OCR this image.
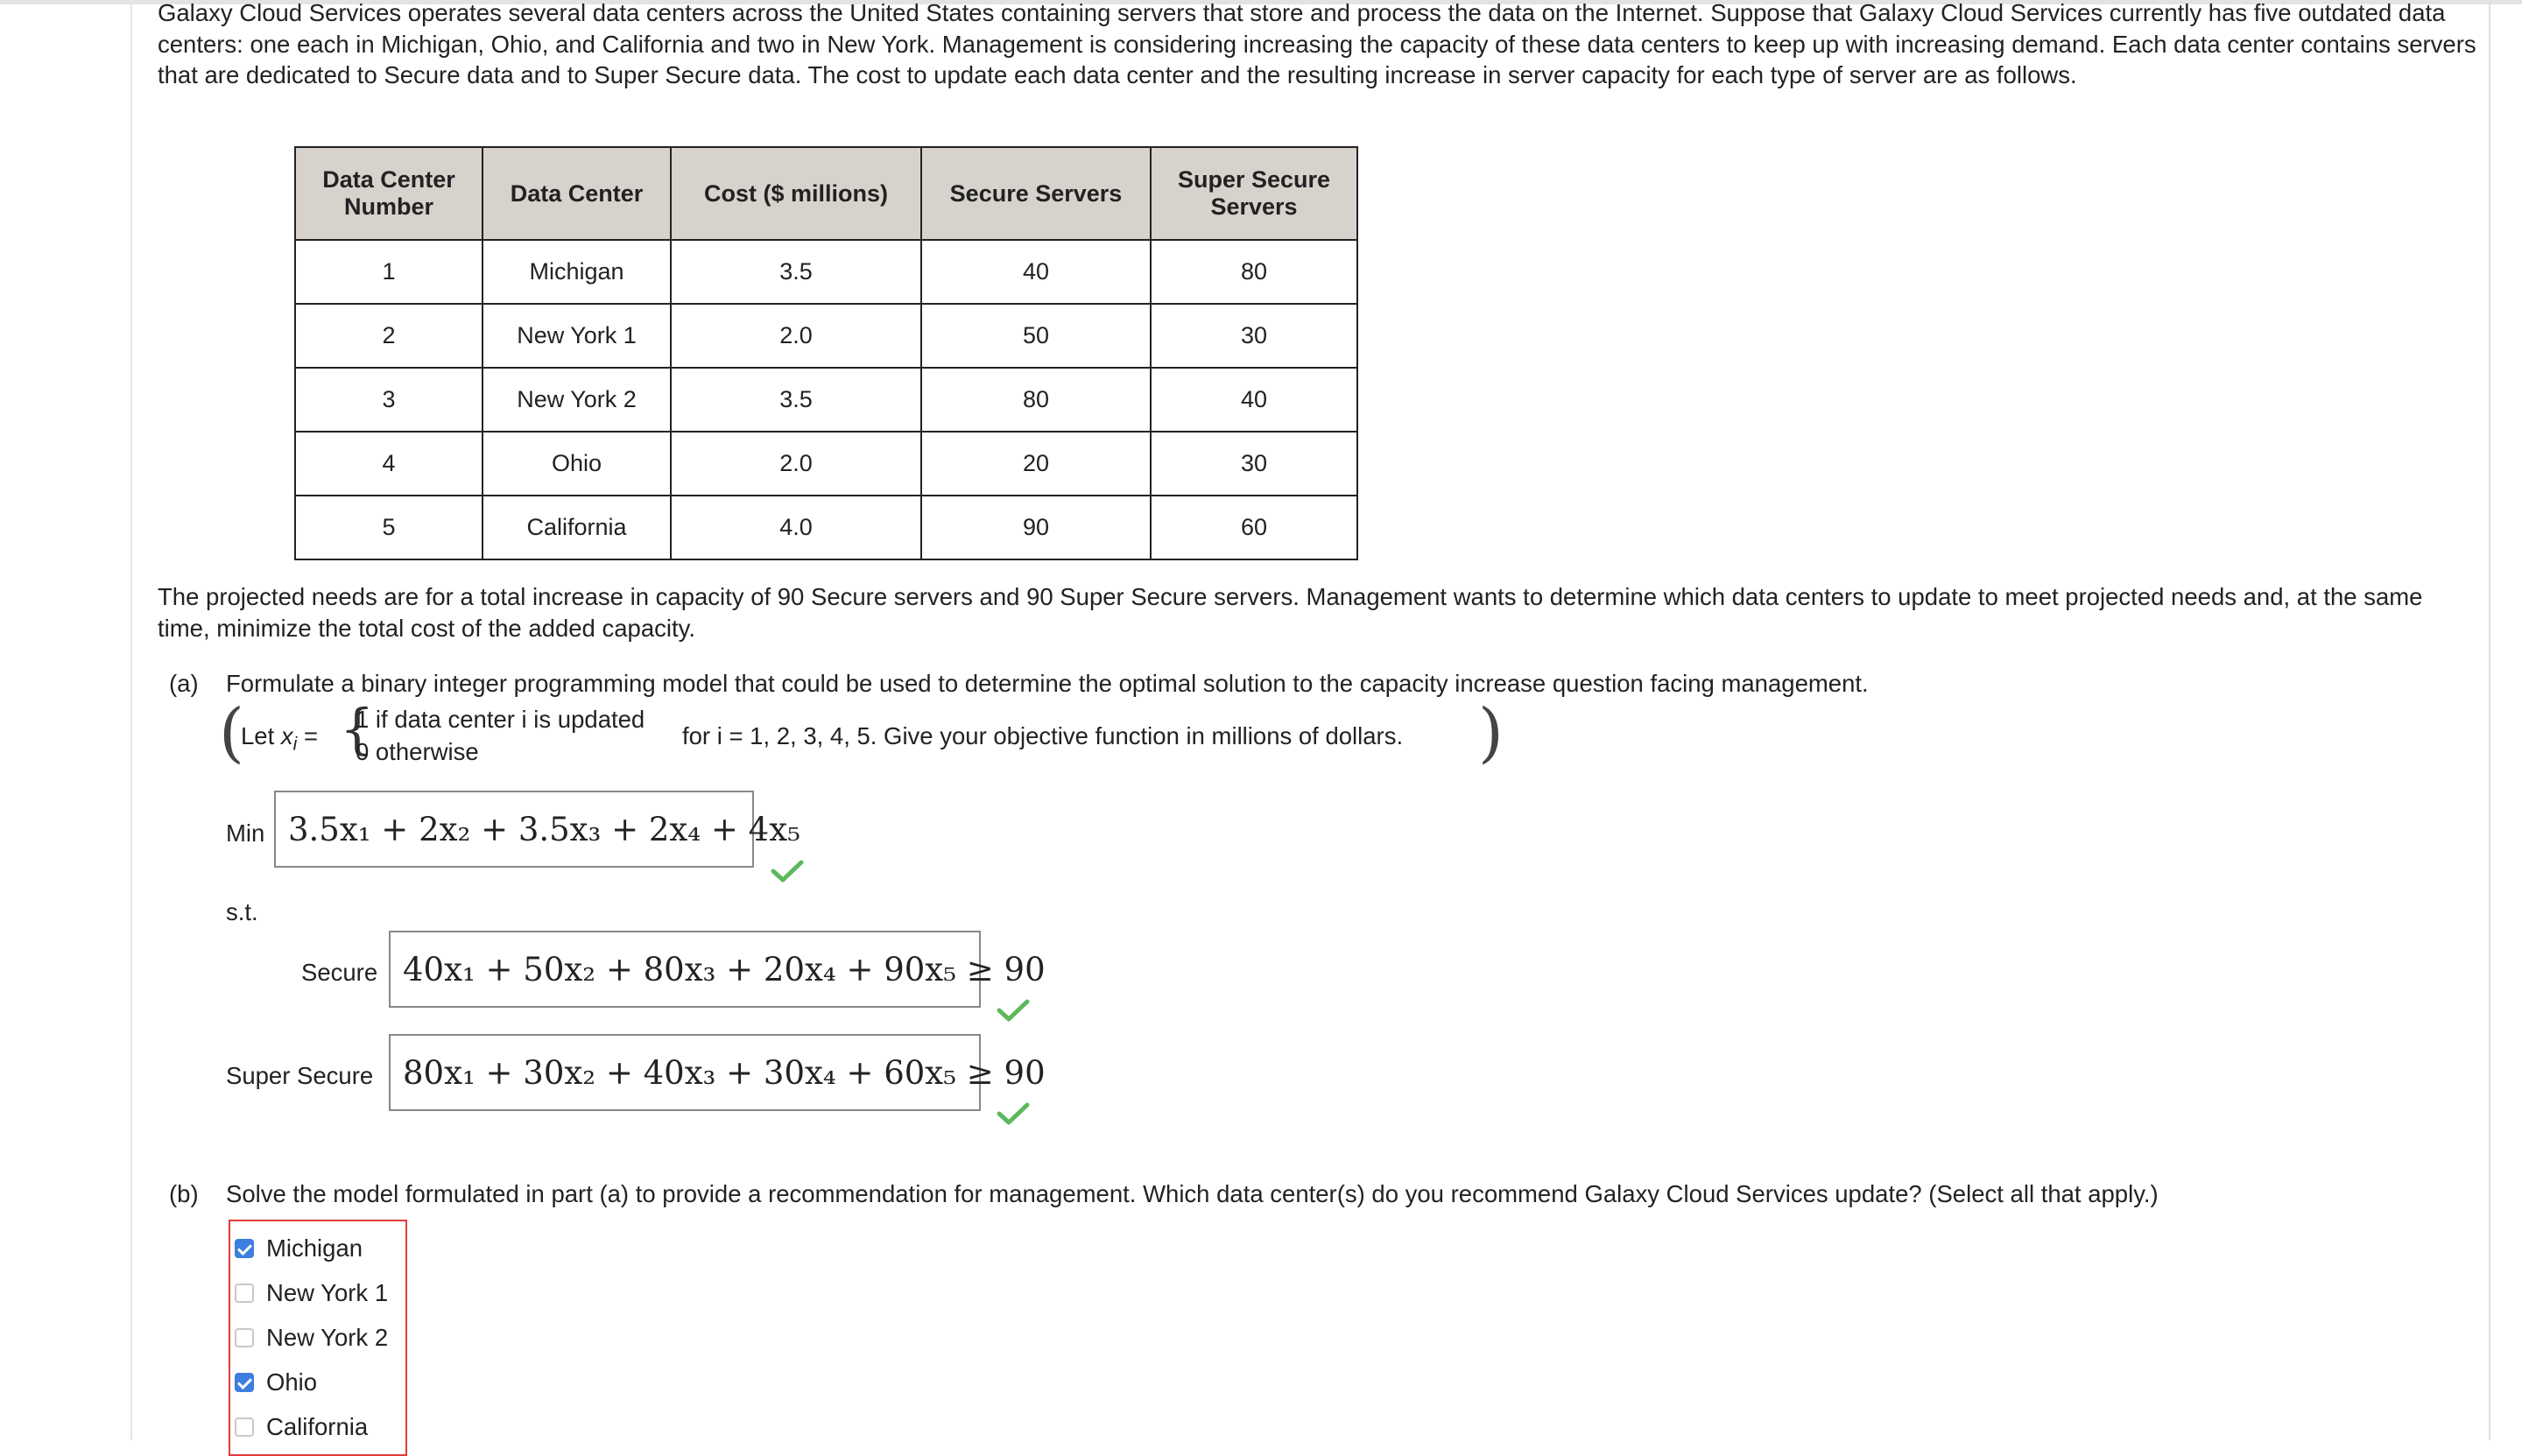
Galaxy Cloud Services operates several data centers across the United States containing servers that store and process the data on the Internet. Suppose that Galaxy Cloud Services currently has five outdated data centers: one each in Michigan, Ohio, and California and two in New York. Management is considering increasing the capacity of these data centers to keep up with increasing demand. Each data center contains servers that are dedicated to Secure data and to Super Secure data. The cost to update each data center and the resulting increase in server capacity for each type of server are as follows.
Data Center Number	Data Center	Cost ($ millions)	Secure Servers	Super Secure Servers
1	Michigan	3.5	40	80
2	New York 1	2.0	50	30
3	New York 2	3.5	80	40
4	Ohio	2.0	20	30
5	California	4.0	90	60
The projected needs are for a total increase in capacity of 90 Secure servers and 90 Super Secure servers. Management wants to determine which data centers to update to meet projected needs and, at the same time, minimize the total cost of the added capacity.
(a) Formulate a binary integer programming model that could be used to determine the optimal solution to the capacity increase question facing management.
(
Let $x_i$ = {
1 if data center i is updated
0 otherwise
for i = 1, 2, 3, 4, 5. Give your objective function in millions of dollars. )
Min 3.5x₁ + 2x₂ + 3.5x₃ + 2x₄ + 4x₅
s.t.
Secure 40x₁ + 50x₂ + 80x₃ + 20x₄ + 90x₅ ≥ 90
Super Secure 80x₁ + 30x₂ + 40x₃ + 30x₄ + 60x₅ ≥ 90
(b) Solve the model formulated in part (a) to provide a recommendation for management. Which data center(s) do you recommend Galaxy Cloud Services update? (Select all that apply.)
Michigan
New York 1
New York 2
Ohio
California
